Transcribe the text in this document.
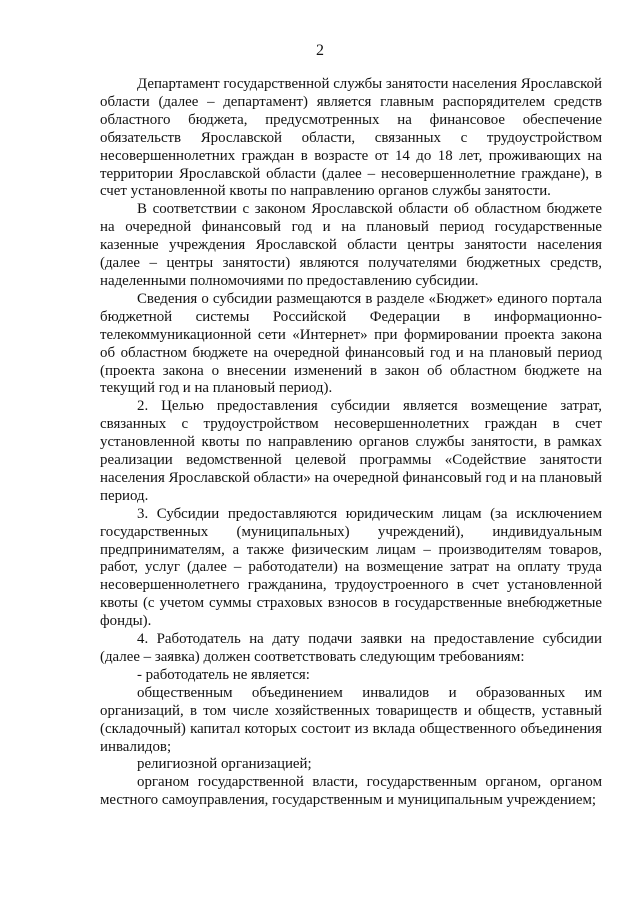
2

Департамент государственной службы занятости населения Ярославской области (далее – департамент) является главным распорядителем средств областного бюджета, предусмотренных на финансовое обеспечение обязательств Ярославской области, связанных с трудоустройством несовершеннолетних граждан в возрасте от 14 до 18 лет, проживающих на территории Ярославской области (далее – несовершеннолетние граждане), в счет установленной квоты по направлению органов службы занятости.

В соответствии с законом Ярославской области об областном бюджете на очередной финансовый год и на плановый период государственные казенные учреждения Ярославской области центры занятости населения (далее – центры занятости) являются получателями бюджетных средств, наделенными полномочиями по предоставлению субсидии.

Сведения о субсидии размещаются в разделе «Бюджет» единого портала бюджетной системы Российской Федерации в информационно-телекоммуникационной сети «Интернет» при формировании проекта закона об областном бюджете на очередной финансовый год и на плановый период (проекта закона о внесении изменений в закон об областном бюджете на текущий год и на плановый период).

2. Целью предоставления субсидии является возмещение затрат, связанных с трудоустройством несовершеннолетних граждан в счет установленной квоты по направлению органов службы занятости, в рамках реализации ведомственной целевой программы «Содействие занятости населения Ярославской области» на очередной финансовый год и на плановый период.

3. Субсидии предоставляются юридическим лицам (за исключением государственных (муниципальных) учреждений), индивидуальным предпринимателям, а также физическим лицам – производителям товаров, работ, услуг (далее – работодатели) на возмещение затрат на оплату труда несовершеннолетнего гражданина, трудоустроенного в счет установленной квоты (с учетом суммы страховых взносов в государственные внебюджетные фонды).

4. Работодатель на дату подачи заявки на предоставление субсидии (далее – заявка) должен соответствовать следующим требованиям:

- работодатель не является:

общественным объединением инвалидов и образованных им организаций, в том числе хозяйственных товариществ и обществ, уставный (складочный) капитал которых состоит из вклада общественного объединения инвалидов;

религиозной организацией;

органом государственной власти, государственным органом, органом местного самоуправления, государственным и муниципальным учреждением;
